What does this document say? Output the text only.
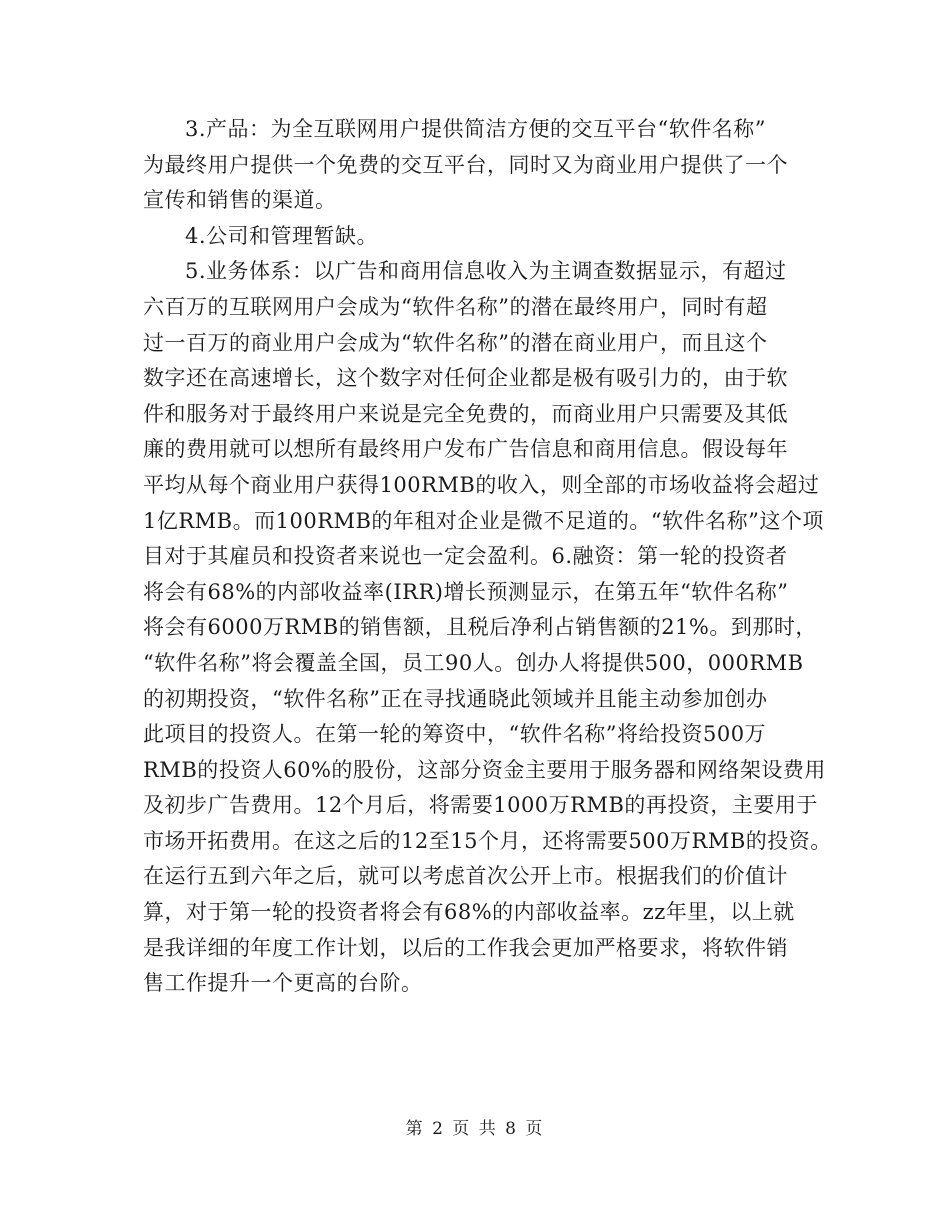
3.产品：为全互联网用户提供简洁方便的交互平台“软件名称”
为最终用户提供一个免费的交互平台，同时又为商业用户提供了一个
宣传和销售的渠道。
4.公司和管理暂缺。
5.业务体系：以广告和商用信息收入为主调查数据显示，有超过
六百万的互联网用户会成为“软件名称”的潜在最终用户，同时有超
过一百万的商业用户会成为“软件名称”的潜在商业用户，而且这个
数字还在高速增长，这个数字对任何企业都是极有吸引力的，由于软
件和服务对于最终用户来说是完全免费的，而商业用户只需要及其低
廉的费用就可以想所有最终用户发布广告信息和商用信息。假设每年
平均从每个商业用户获得100RMB的收入，则全部的市场收益将会超过
1亿RMB。而100RMB的年租对企业是微不足道的。“软件名称”这个项
目对于其雇员和投资者来说也一定会盈利。6.融资：第一轮的投资者
将会有68%的内部收益率(IRR)增长预测显示，在第五年“软件名称”
将会有6000万RMB的销售额，且税后净利占销售额的21%。到那时，
“软件名称”将会覆盖全国，员工90人。创办人将提供500，000RMB
的初期投资，“软件名称”正在寻找通晓此领域并且能主动参加创办
此项目的投资人。在第一轮的筹资中，“软件名称”将给投资500万
RMB的投资人60%的股份，这部分资金主要用于服务器和网络架设费用
及初步广告费用。12个月后，将需要1000万RMB的再投资，主要用于
市场开拓费用。在这之后的12至15个月，还将需要500万RMB的投资。
在运行五到六年之后，就可以考虑首次公开上市。根据我们的价值计
算，对于第一轮的投资者将会有68%的内部收益率。zz年里，以上就
是我详细的年度工作计划，以后的工作我会更加严格要求，将软件销
售工作提升一个更高的台阶。
第 2 页 共 8 页
